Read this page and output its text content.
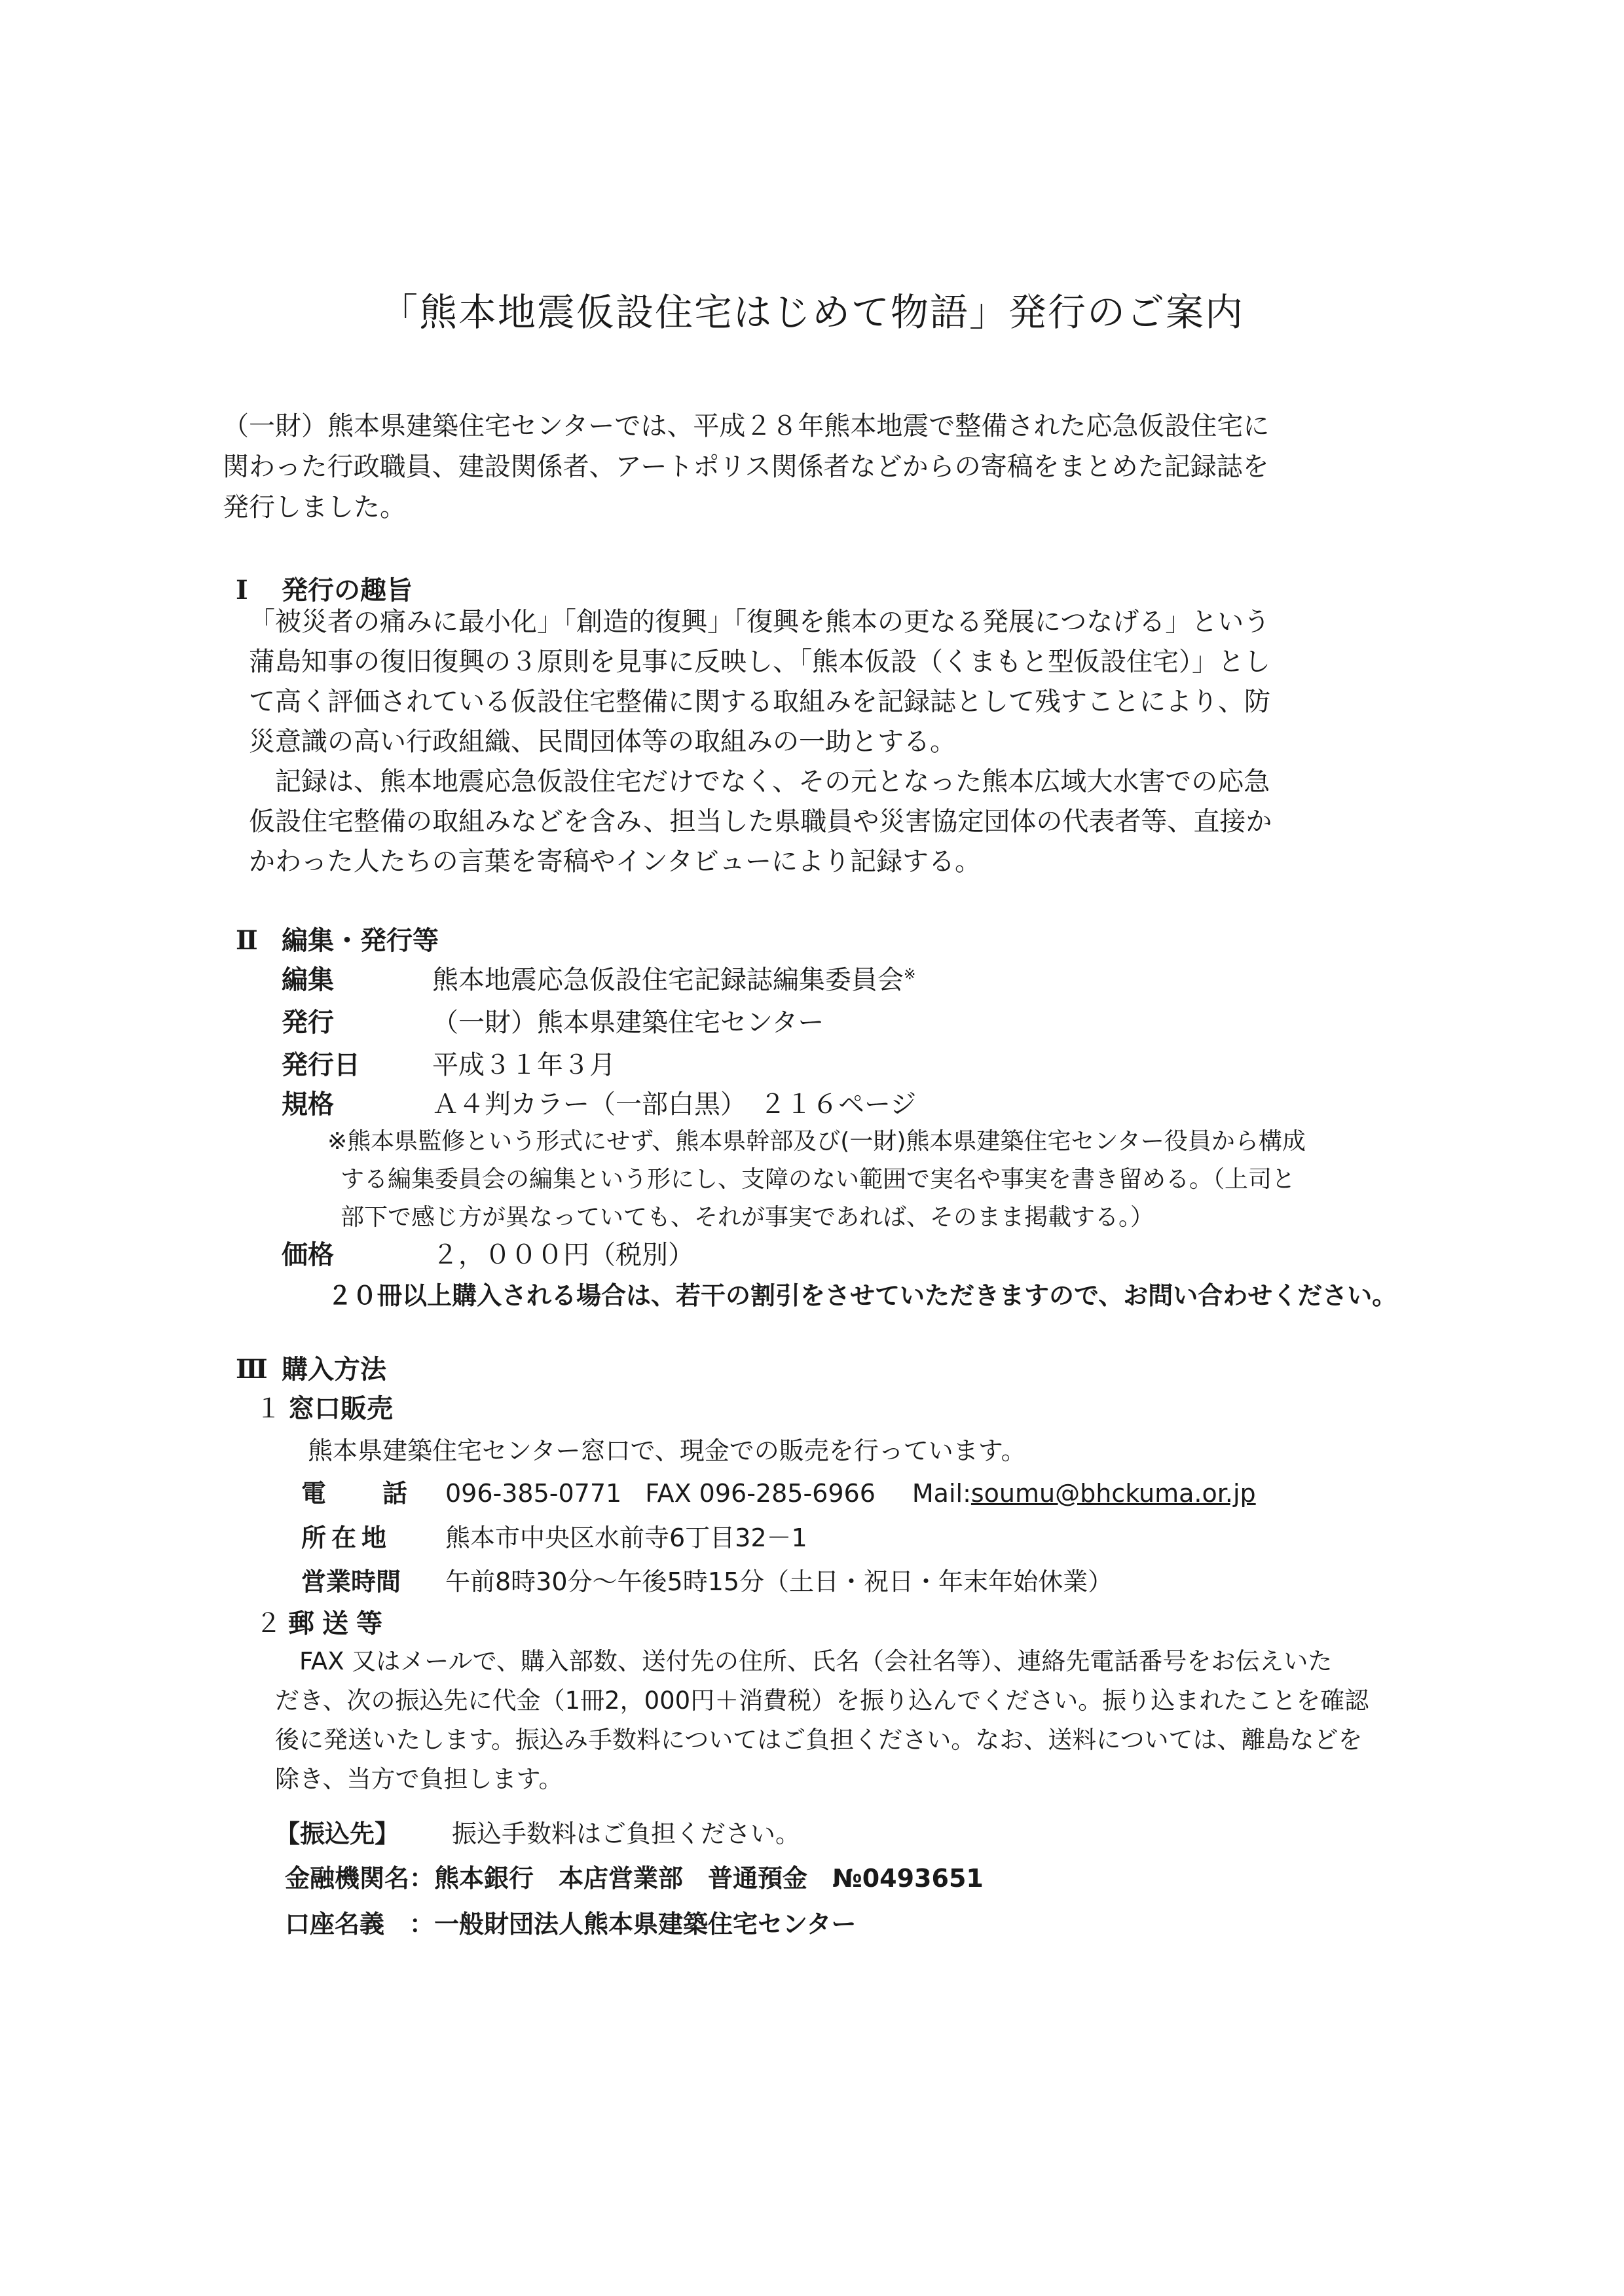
「熊本地震仮設住宅はじめて物語」発行のご案内

（一財）熊本県建築住宅センターでは、平成２８年熊本地震で整備された応急仮設住宅に

関わった行政職員、建設関係者、アートポリス関係者などからの寄稿をまとめた記録誌を

発行しました。

Ⅰ 発行の趣旨

「被災者の痛みに最小化」「創造的復興」「復興を熊本の更なる発展につなげる」という

蒲島知事の復旧復興の３原則を見事に反映し、「熊本仮設（くまもと型仮設住宅）」とし

て高く評価されている仮設住宅整備に関する取組みを記録誌として残すことにより、防

災意識の高い行政組織、民間団体等の取組みの一助とする。

　記録は、熊本地震応急仮設住宅だけでなく、その元となった熊本広域大水害での応急

仮設住宅整備の取組みなどを含み、担当した県職員や災害協定団体の代表者等、直接か

かわった人たちの言葉を寄稿やインタビューにより記録する。

Ⅱ 編集・発行等
編集	熊本地震応急仮設住宅記録誌編集委員会※
発行	（一財）熊本県建築住宅センター
発行日	平成３１年３月
規格	Ａ４判カラー（一部白黒）　２１６ページ
※熊本県監修という形式にせず、熊本県幹部及び(一財)熊本県建築住宅センター役員から構成
する編集委員会の編集という形にし、支障のない範囲で実名や事実を書き留める。（上司と
部下で感じ方が異なっていても、それが事実であれば、そのまま掲載する。）
価格	２，０００円（税別）
２０冊以上購入される場合は、若干の割引をさせていただきますので、お問い合わせください。
Ⅲ 購入方法
１ 窓口販売
熊本県建築住宅センター窓口で、現金での販売を行っています。
電　話 096-385-0771 FAX 096-285-6966 Mail:soumu@bhckuma.or.jp
所在地 熊本市中央区水前寺6丁目32－1
営業時間 午前8時30分～午後5時15分（土日・祝日・年末年始休業）
２ 郵送等

　FAX 又はメールで、購入部数、送付先の住所、氏名（会社名等）、連絡先電話番号をお伝えいた

だき、次の振込先に代金（1冊2，000円＋消費税）を振り込んでください。振り込まれたことを確認

後に発送いたします。振込み手数料についてはご負担ください。なお、送料については、離島などを

除き、当方で負担します。

【振込先】 振込手数料はご負担ください。
金融機関名：熊本銀行　本店営業部　普通預金　№0493651
口座名義　：一般財団法人熊本県建築住宅センター
